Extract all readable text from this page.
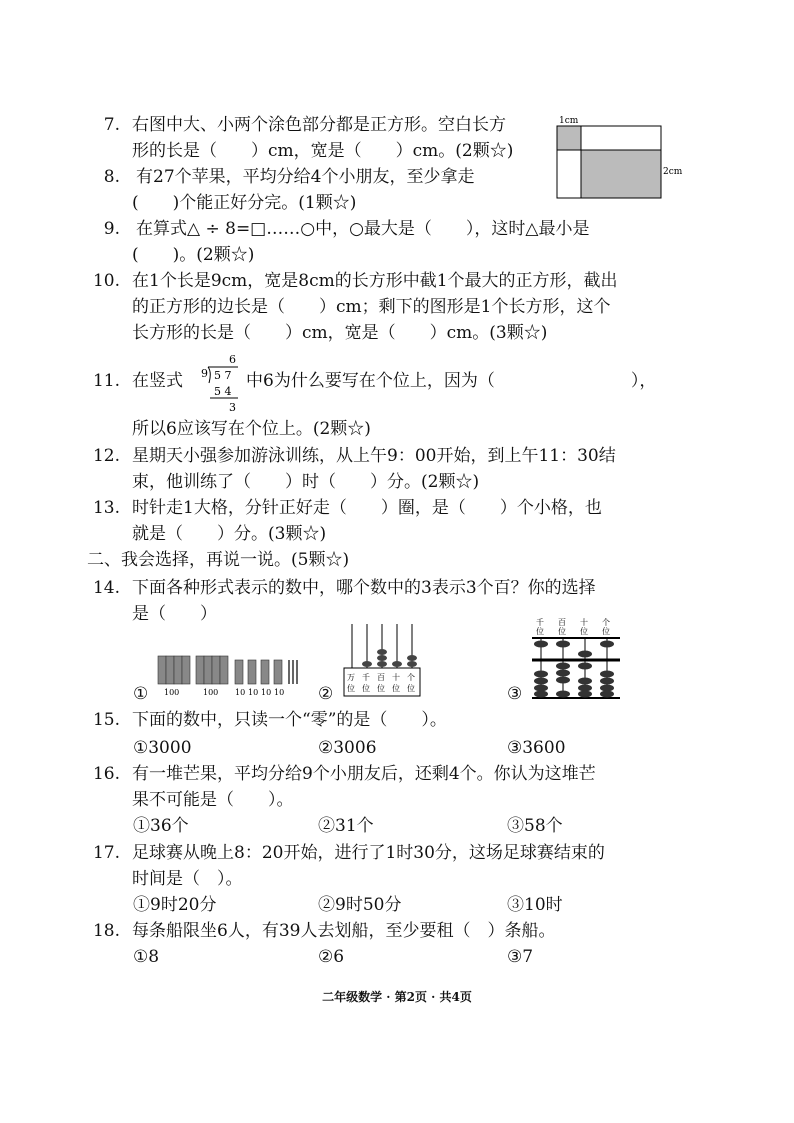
7. 右图中大、小两个涂色部分都是正方形。空白长方
形的长是（　　）cm，宽是（　　）cm。(2颗☆)
1cm
2cm
8. 有27个苹果，平均分给4个小朋友，至少拿走
(　　)个能正好分完。(1颗☆)
9. 在算式△ ÷ 8=□……○中，○最大是（　　），这时△最小是
(　　)。(2颗☆)
10. 在1个长是9cm，宽是8cm的长方形中截1个最大的正方形，截出
的正方形的边长是（　　）cm；剩下的图形是1个长方形，这个
长方形的长是（　　）cm，宽是（　　）cm。(3颗☆)
11. 在竖式
6
9 5 7
5 4
3
中6为什么要写在个位上，因为（　　　　　　　　），
所以6应该写在个位上。(2颗☆)
12. 星期天小强参加游泳训练，从上午9：00开始，到上午11：30结
束，他训练了（　　）时（　　）分。(2颗☆)
13. 时针走1大格，分针正好走（　　）圈，是（　　）个小格，也
就是（　　）分。(3颗☆)
二、我会选择，再说一说。(5颗☆)
14. 下面各种形式表示的数中，哪个数中的3表示3个百？你的选择
是（　　）
① 100	100 10 10 10 10 ②
万
位
千
位
百
位
十
位
个
位	③
千
位
百
位
十
位
个
位
15. 下面的数中，只读一个“零”的是（　　）。
①3000	②3006	③3600
16. 有一堆芒果，平均分给9个小朋友后，还剩4个。你认为这堆芒
果不可能是（　　）。
①36个	②31个	③58个
17. 足球赛从晚上8：20开始，进行了1时30分，这场足球赛结束的
时间是（　）。
①9时20分	②9时50分	③10时
18. 每条船限坐6人，有39人去划船，至少要租（　）条船。
①8	②6	③7
二年级数学 · 第2页 · 共4页
